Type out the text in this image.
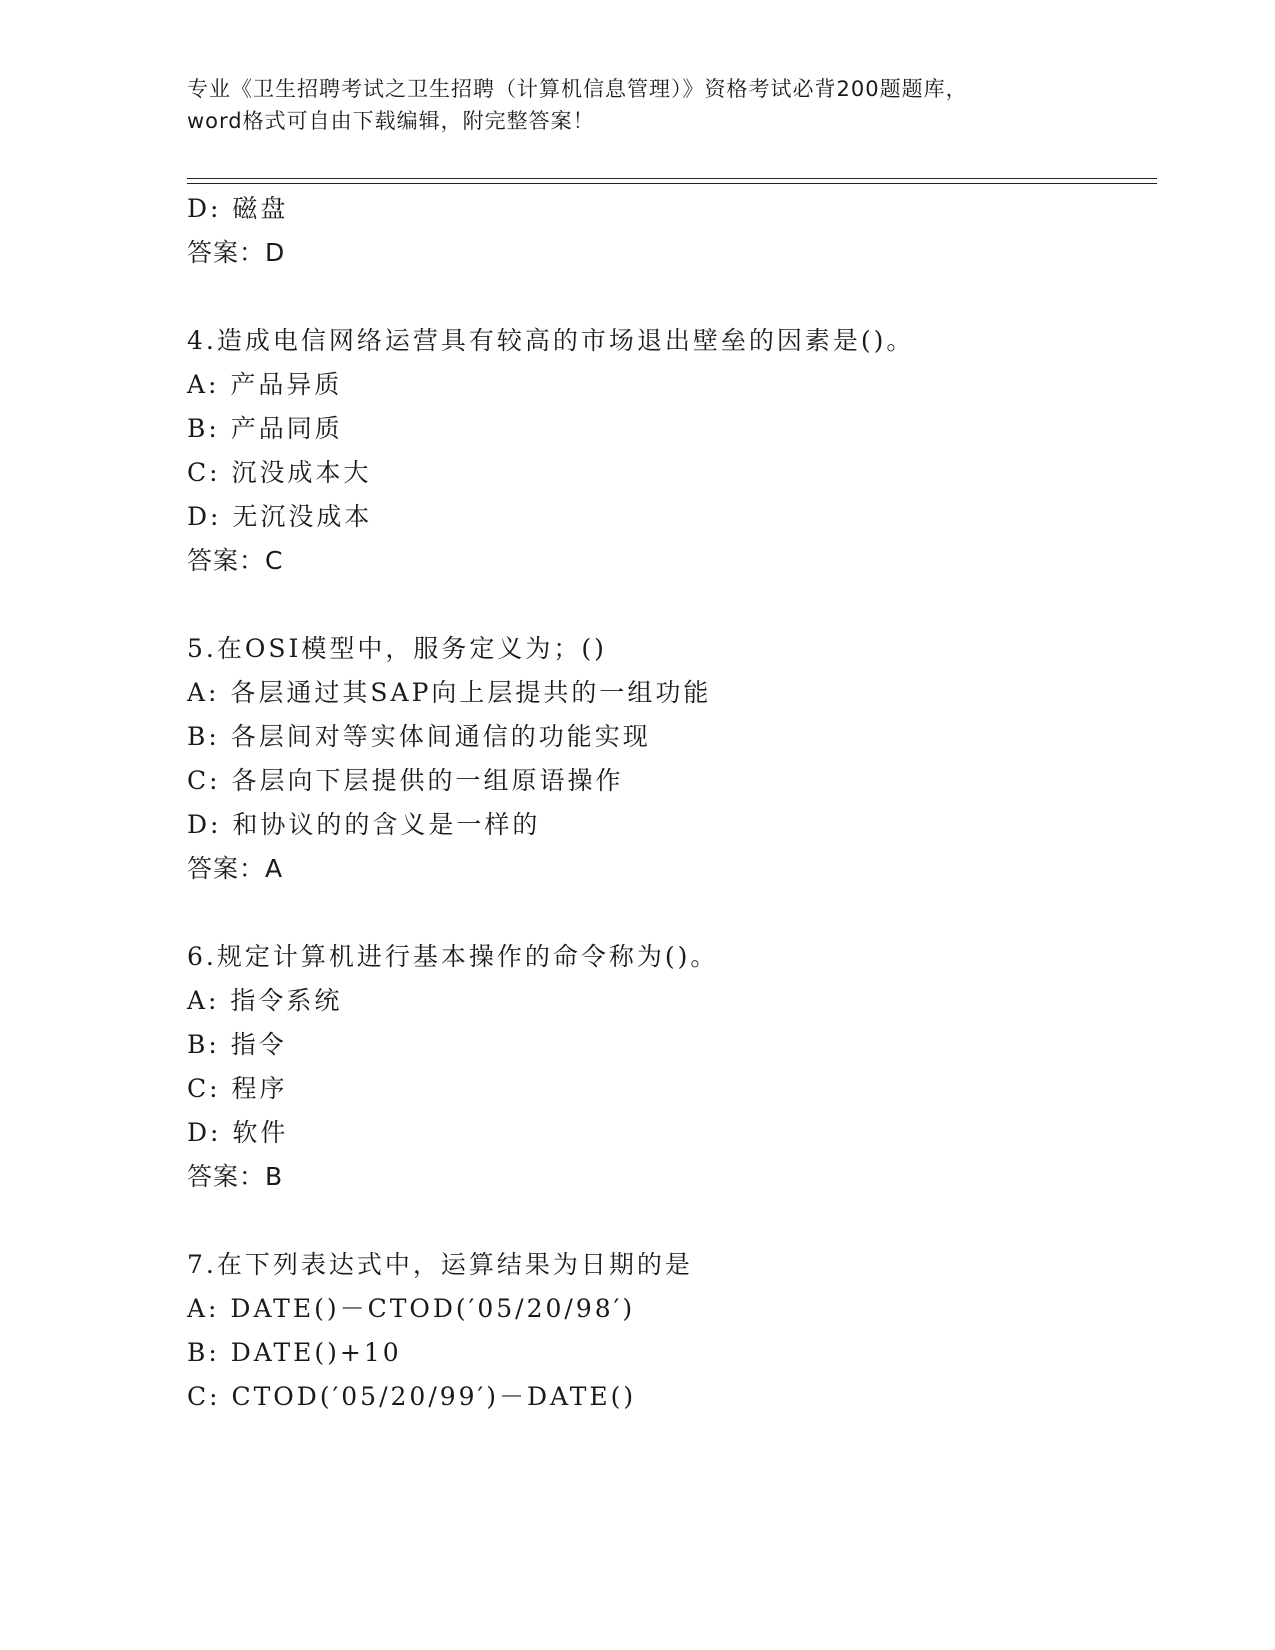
专业《卫生招聘考试之卫生招聘（计算机信息管理）》资格考试必背200题题库，
word格式可自由下载编辑，附完整答案！
D: 磁盘
答案：D
4.造成电信网络运营具有较高的市场退出壁垒的因素是()。
A: 产品异质
B: 产品同质
C: 沉没成本大
D: 无沉没成本
答案：C
5.在OSI模型中，服务定义为；()
A: 各层通过其SAP向上层提共的一组功能
B: 各层间对等实体间通信的功能实现
C: 各层向下层提供的一组原语操作
D: 和协议的的含义是一样的
答案：A
6.规定计算机进行基本操作的命令称为()。
A: 指令系统
B: 指令
C: 程序
D: 软件
答案：B
7.在下列表达式中，运算结果为日期的是
A: DATE()－CTOD(′05/20/98′)
B: DATE()+10
C: CTOD(′05/20/99′)－DATE()
